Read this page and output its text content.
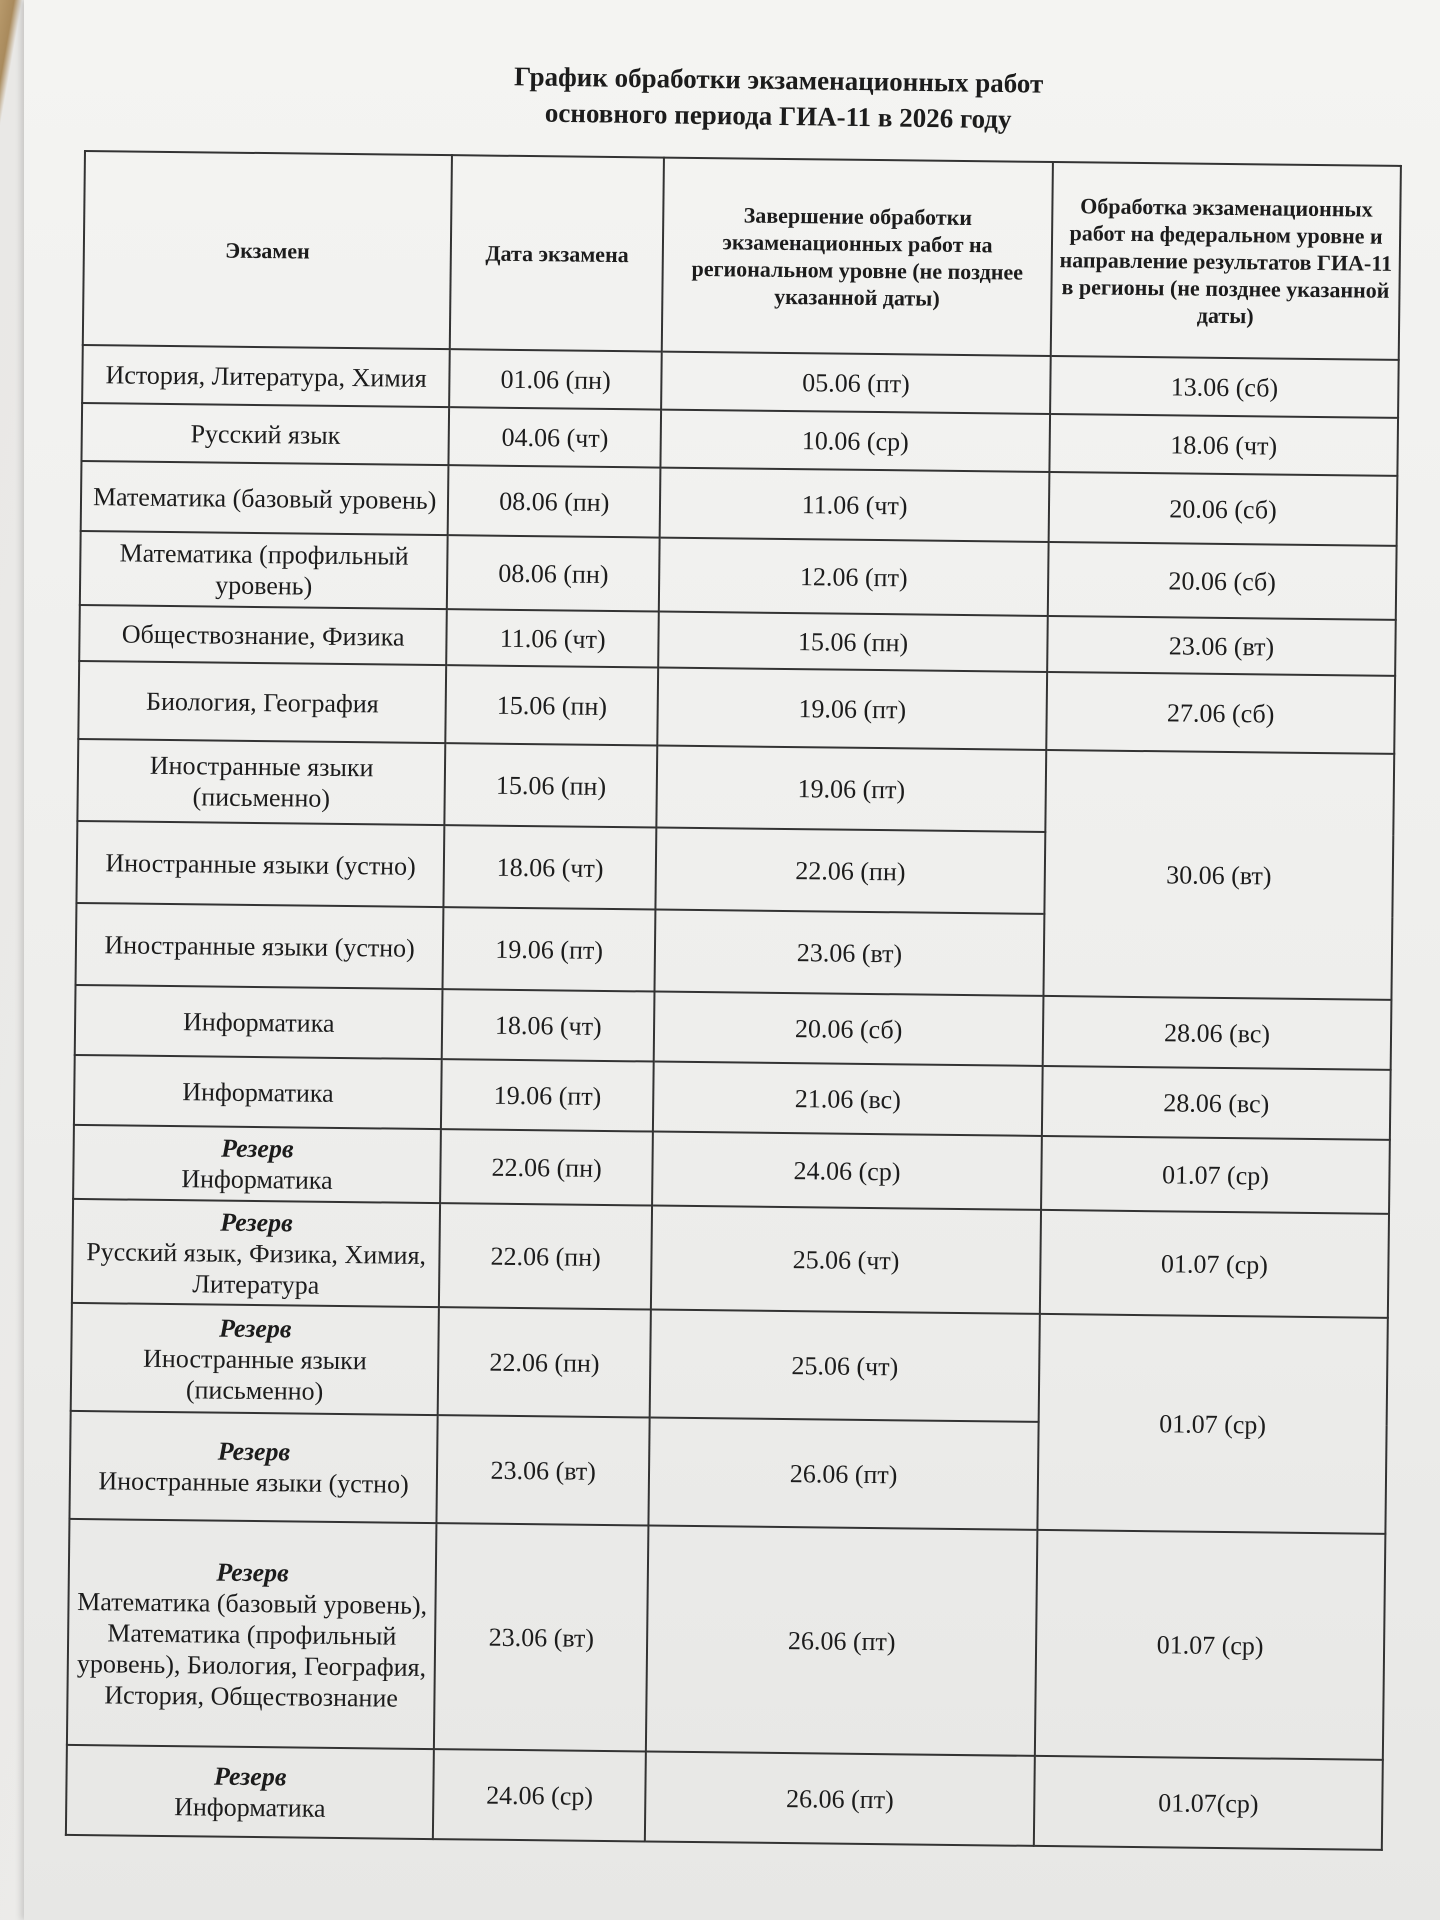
График обработки экзаменационных работ
основного периода ГИА-11 в 2026 году
Экзамен	Дата экзамена	Завершение обработки экзаменационных работ на региональном уровне (не позднее указанной даты)	Обработка экзаменационных работ на федеральном уровне и направление результатов ГИА-11 в регионы (не позднее указанной даты)
История, Литература, Химия	01.06 (пн)	05.06 (пт)	13.06 (сб)
Русский язык	04.06 (чт)	10.06 (ср)	18.06 (чт)
Математика (базовый уровень)	08.06 (пн)	11.06 (чт)	20.06 (сб)
Математика (профильный уровень)	08.06 (пн)	12.06 (пт)	20.06 (сб)
Обществознание, Физика	11.06 (чт)	15.06 (пн)	23.06 (вт)
Биология, География	15.06 (пн)	19.06 (пт)	27.06 (сб)
Иностранные языки (письменно)	15.06 (пн)	19.06 (пт)	30.06 (вт)
Иностранные языки (устно)	18.06 (чт)	22.06 (пн)	
Иностранные языки (устно)	19.06 (пт)	23.06 (вт)	
Информатика	18.06 (чт)	20.06 (сб)	28.06 (вс)
Информатика	19.06 (пт)	21.06 (вс)	28.06 (вс)

Резерв
Информатика	22.06 (пн)	24.06 (ср)	01.07 (ср)

Резерв
Русский язык, Физика, Химия, Литература	22.06 (пн)	25.06 (чт)	01.07 (ср)

Резерв
Иностранные языки (письменно)	22.06 (пн)	25.06 (чт)	01.07 (ср)

Резерв
Иностранные языки (устно)	23.06 (вт)	26.06 (пт)	

Резерв
Математика (базовый уровень), Математика (профильный уровень), Биология, География, История, Обществознание	23.06 (вт)	26.06 (пт)	01.07 (ср)

Резерв
Информатика	24.06 (ср)	26.06 (пт)	01.07(ср)
